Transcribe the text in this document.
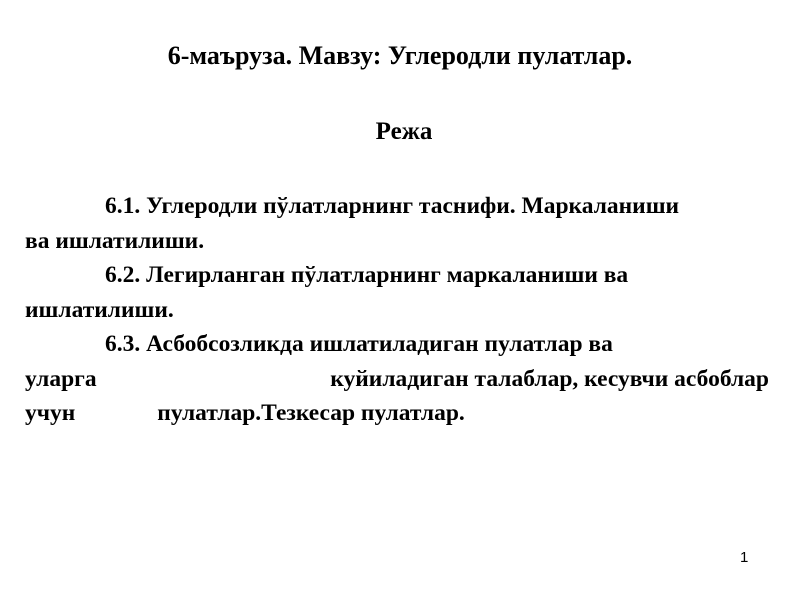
6-маъруза. Мавзу: Углеродли пулатлар.
Режа
6.1. Углеродли пўлатларнинг таснифи. Маркаланиши
ва ишлатилиши.
6.2. Легирланган пўлатларнинг маркаланиши ва
ишлатилиши.
6.3. Асбобсозликда ишлатиладиган пулатлар ва
уларга	куйиладиган талаблар, кесувчи асбоблар
учун	пулатлар.Тезкесар пулатлар.
1
